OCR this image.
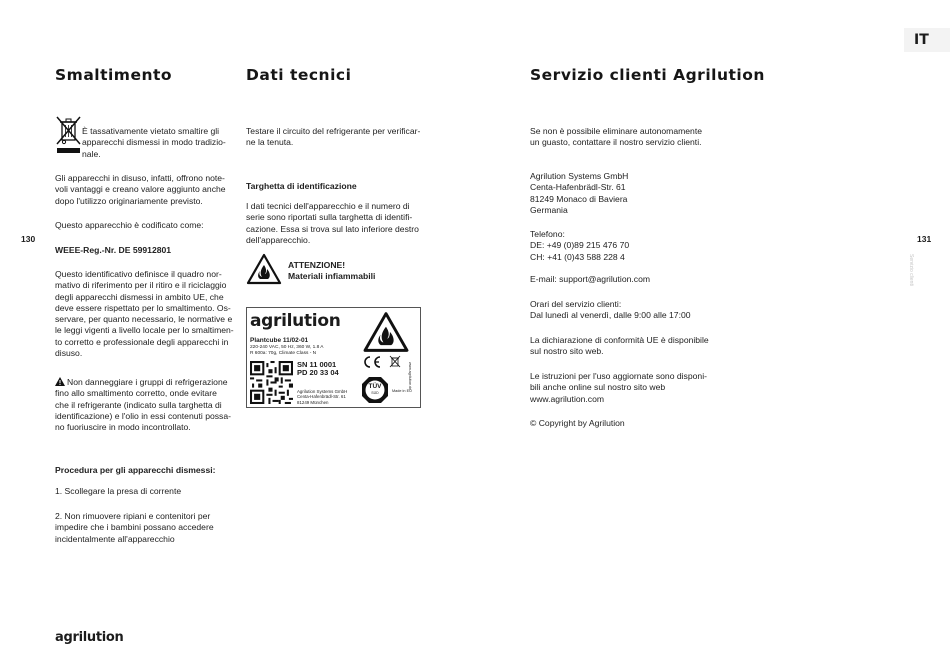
IT
130	131
Servizio clienti
Smaltimento
È tassativamente vietato smaltire gli
apparecchi dismessi in modo tradizio-
nale.
Gli apparecchi in disuso, infatti, offrono note-
voli vantaggi e creano valore aggiunto anche
dopo l'utilizzo originariamente previsto.
Questo apparecchio è codificato come:
WEEE-Reg.-Nr. DE 59912801
Questo identificativo definisce il quadro nor-
mativo di riferimento per il ritiro e il riciclaggio
degli apparecchi dismessi in ambito UE, che
deve essere rispettato per lo smaltimento. Os-
servare, per quanto necessario, le normative e
le leggi vigenti a livello locale per lo smaltimen-
to corretto e professionale degli apparecchi in
disuso.
Non danneggiare i gruppi di refrigerazione
fino allo smaltimento corretto, onde evitare
che il refrigerante (indicato sulla targhetta di
identificazione) e l'olio in essi contenuti possa-
no fuoriuscire in modo incontrollato.
Procedura per gli apparecchi dismessi:
1. Scollegare la presa di corrente
2. Non rimuovere ripiani e contenitori per
impedire che i bambini possano accedere
incidentalmente all'apparecchio
Dati tecnici
Testare il circuito del refrigerante per verificar-
ne la tenuta.
Targhetta di identificazione
I dati tecnici dell'apparecchio e il numero di
serie sono riportati sulla targhetta di identifi-
cazione. Essa si trova sul lato inferiore destro
dell'apparecchio.
ATTENZIONE!
Materiali infiammabili
agrilution
Plantcube 11/02-01
220-240 VAC, 50 Hz, 360 W, 1.8 A
R 600a: 70g, Climate Class - N
SN 11 0001
PD 20 33 04
Agrilution Systems GmbH
Centa-Hafenbrädl-Str. 61
81249 München
TÜV
SÜD	Made in EU
www.agrilution.de
Servizio clienti Agrilution
Se non è possibile eliminare autonomamente
un guasto, contattare il nostro servizio clienti.
Agrilution Systems GmbH
Centa-Hafenbrädl-Str. 61
81249 Monaco di Baviera
Germania
Telefono:
DE: +49 (0)89 215 476 70
CH: +41 (0)43 588 228 4
E-mail: support@agrilution.com
Orari del servizio clienti:
Dal lunedì al venerdì, dalle 9:00 alle 17:00
La dichiarazione di conformità UE è disponibile
sul nostro sito web.
Le istruzioni per l'uso aggiornate sono disponi-
bili anche online sul nostro sito web
www.agrilution.com
© Copyright by Agrilution
agrilution
